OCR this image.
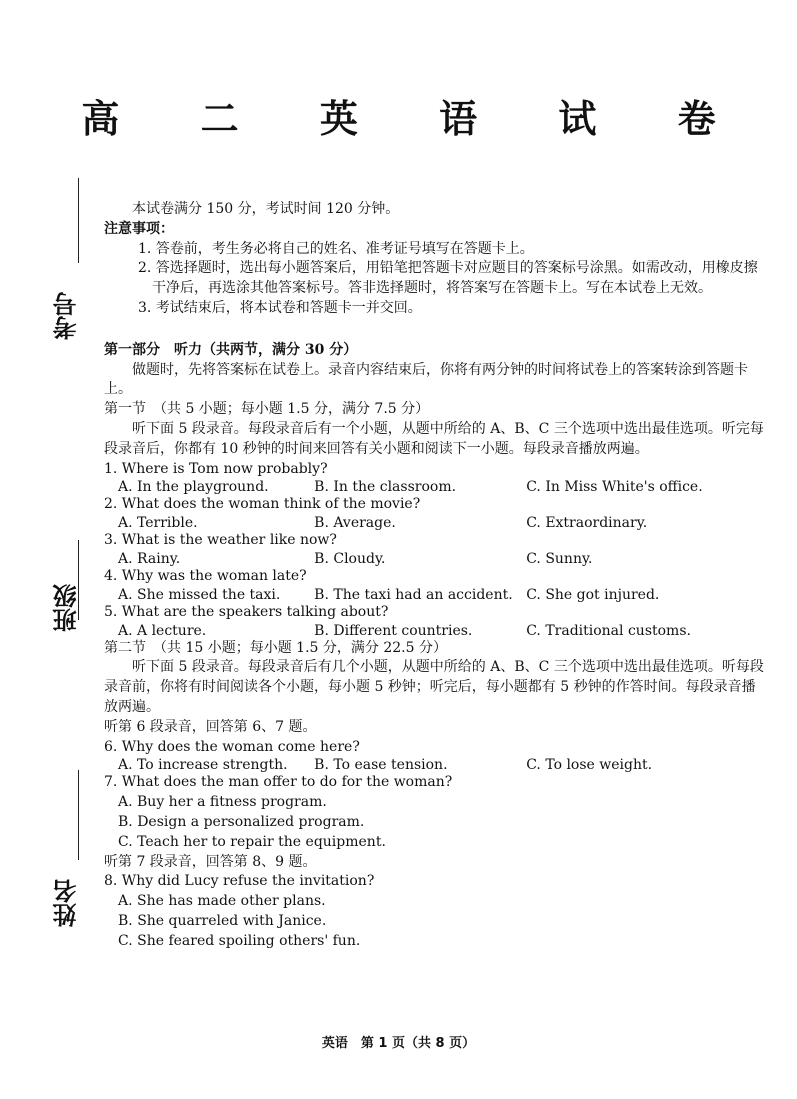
高 二 英 语 试 卷
考号
班级
姓名

本试卷满分 150 分，考试时间 120 分钟。

注意事项：

1. 答卷前，考生务必将自己的姓名、准考证号填写在答题卡上。

2. 答选择题时，选出每小题答案后，用铅笔把答题卡对应题目的答案标号涂黑。如需改动，用橡皮擦干净后，再选涂其他答案标号。答非选择题时，将答案写在答题卡上。写在本试卷上无效。

3. 考试结束后，将本试卷和答题卡一并交回。

第一部分　听力（共两节，满分 30 分）

做题时，先将答案标在试卷上。录音内容结束后，你将有两分钟的时间将试卷上的答案转涂到答题卡上。

第一节　（共 5 小题；每小题 1.5 分，满分 7.5 分）

听下面 5 段录音。每段录音后有一个小题，从题中所给的 A、B、C 三个选项中选出最佳选项。听完每段录音后，你都有 10 秒钟的时间来回答有关小题和阅读下一小题。每段录音播放两遍。

1. Where is Tom now probably?

A. In the playground.	B. In the classroom.	C. In Miss White's office.

2. What does the woman think of the movie?

A. Terrible.	B. Average.	C. Extraordinary.

3. What is the weather like now?

A. Rainy.	B. Cloudy.	C. Sunny.

4. Why was the woman late?

A. She missed the taxi.	B. The taxi had an accident. C. She got injured.

5. What are the speakers talking about?

A. A lecture.	B. Different countries.	C. Traditional customs.

第二节　（共 15 小题；每小题 1.5 分，满分 22.5 分）

听下面 5 段录音。每段录音后有几个小题，从题中所给的 A、B、C 三个选项中选出最佳选项。听每段录音前，你将有时间阅读各个小题，每小题 5 秒钟；听完后，每小题都有 5 秒钟的作答时间。每段录音播放两遍。

听第 6 段录音，回答第 6、7 题。

6. Why does the woman come here?

A. To increase strength.	B. To ease tension.	C. To lose weight.

7. What does the man offer to do for the woman?

A. Buy her a fitness program.

B. Design a personalized program.

C. Teach her to repair the equipment.

听第 7 段录音，回答第 8、9 题。

8. Why did Lucy refuse the invitation?

A. She has made other plans.

B. She quarreled with Janice.

C. She feared spoiling others' fun.

英语　第 1 页（共 8 页）
